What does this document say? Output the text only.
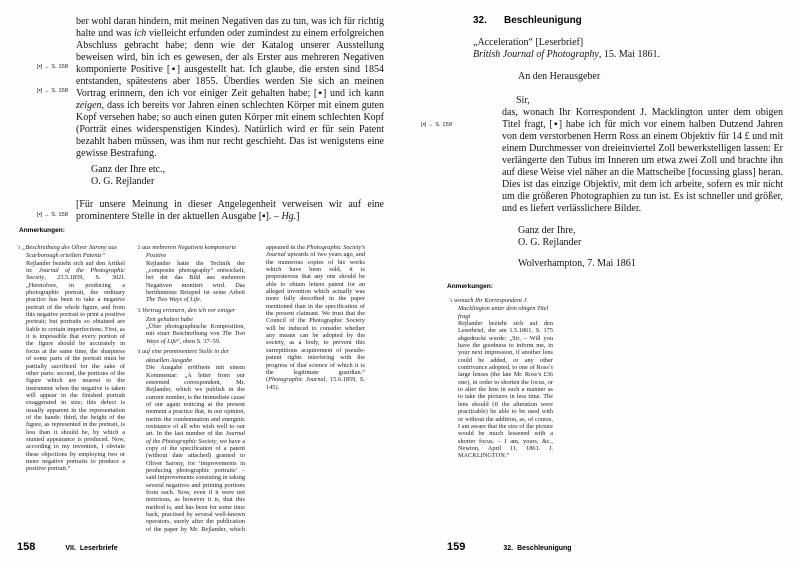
[▪] → S. 158
[▪] → S. 158
[▪] → S. 158
ber wohl daran hindern, mit meinen Negativen das zu tun, was ich für richtig halte und was ich vielleicht erfunden oder zumindest zu einem erfolgreichen Abschluss gebracht habe; denn wie der Katalog unserer Ausstellung beweisen wird, bin ich es gewesen, der als Erster aus mehreren Negativen komponierte Positive [▪] ausgestellt hat. Ich glaube, die ersten sind 1854 entstanden, spätestens aber 1855. Überdies werden Sie sich an meinen Vortrag erinnern, den ich vor einiger Zeit gehalten habe; [▪] und ich kann zeigen, dass ich bereits vor Jahren einen schlechten Körper mit einem guten Kopf versehen habe; so auch einen guten Körper mit einem schlechten Kopf (Porträt eines widerspenstigen Kindes). Natürlich wird er für sein Patent bezahlt haben müssen, was ihm nur recht geschieht. Das ist wenigstens eine gewisse Bestrafung.
Ganz der Ihre etc.,
O. G. Rejlander
[Für unsere Meinung in dieser Angelegenheit verweisen wir auf eine prominentere Stelle in der aktuellen Ausgabe [▪]. – Hg.]
Anmerkungen:
'1 „Beschreibung des Oliver Sarony aus Scarborough erteilten Patents“
Rejlander bezieht sich auf den Artikel in: Journal of the Photographic Society, 23.5.1859, S. 302f. „Heretofore, in producing a photographic portrait, the ordinary practice has been to take a negative portrait of the whole figure, and from this negative portrait to print a positive portrait; but portraits so obtained are liable to certain imperfections. First, as it is impossible that every portion of the figure should be accurately in focus at the same time, the sharpness of some parts of the portrait must be partially sacrificed for the sake of other parts: second, the portions of the figure which are nearest to the instrument when the negative is taken will appear in the finished portrait exaggerated in size; this defect is usually apparent in the representation of the hands: third, the height of the figure, as represented in the portrait, is less than it should be, by which a stunted appearance is produced. Now, according to my invention, I obviate these objections by employing two or more negative portraits to produce a positive portrait.“
'2 aus mehreren Negativen komponierte Positive
Rejlander hatte die Technik der „composite photography“ entwickelt, bei der das Bild aus mehreren Negativen montiert wird. Das berühmteste Beispiel ist seine Arbeit The Two Ways of Life.
'3 Vortrag erinnern, den ich vor einiger Zeit gehalten habe
„Über photographische Komposition, mit einer Beschreibung von The Two Ways of Life“, oben S. 37–59.
'4 auf eine prominentere Stelle in der aktuellen Ausgabe
Die Ausgabe eröffnete mit einem Kommentar: „A letter from our esteemed correspondent, Mr. Rejlander, which we publish in the current number, is the immediate cause of our again noticing at the present moment a practice that, in our opinion, merits the condemnation and energetic resistance of all who wish well to our art. In the last number of the Journal of the Photographic Society, we have a copy of the specification of a patent (without date attached) granted to Oliver Sarony, for ‘improvements in producing photographic portraits’ – said improvements consisting in taking several negatives and printing portions from each. Now, even if it were not notorious, as however it is, that this method is, and has been for some time back, practised by several well-known operators, surely after the publication of the paper by Mr. Rejlander, which appeared in the Photographic Society’s Journal upwards of two years ago, and the numerous copies of his works which have been sold, it is preposterous that any one should be able to obtain letters patent for an alleged invention which actually was more fully described in the paper mentioned than in the specification of the present claimant. We trust that the Council of the Photographic Society will be induced to consider whether any means can be adopted by the society, as a body, to prevent this surreptitious acquirement of pseudo-patent rights interfering with the progress of that science of which it is the legitimate guardian.“ (Photographic Journal, 15.6.1859, S. 145).
158	VII. Leserbriefe
[▪] → S. 159
32. Beschleunigung
„Acceleration“ [Leserbrief]
British Journal of Photography, 15. Mai 1861.
An den Herausgeber
Sir,
das, wonach Ihr Korrespondent J. Macklington unter dem obigen Titel fragt, [▪] habe ich für mich vor einem halben Dutzend Jahren von dem verstorbenen Herrn Ross an einem Objektiv für 14 £ und mit einem Durchmesser von dreieinviertel Zoll bewerkstelligen lassen: Er verlängerte den Tubus im Inneren um etwa zwei Zoll und brachte ihn auf diese Weise viel näher an die Mattscheibe [focussing glass] heran. Dies ist das einzige Objektiv, mit dem ich arbeite, sofern es mir nicht um die größeren Photographien zu tun ist. Es ist schneller und größer, und es liefert verlässlichere Bilder.
Ganz der Ihre,
O. G. Rejlander
Wolverhampton, 7. Mai 1861
Anmerkungen:
'1 wonach Ihr Korrespondent J. Macklington unter dem obigen Titel fragt
Rejlander bezieht sich auf den Leserbrief, der am 1.5.1861, S. 175 abgedruckt wurde: „Sir, – Will you have the goodness to inform me, in your next impression, if another lens could be added, or any other contrivance adopted, to one of Ross’s large lenses (the late Mr. Ross’s £36 one), in order to shorten the focus, or to alter the lens in such a manner as to take the pictures in less time. The lens should (if the alteration were practicable) be able to be used with or without the addition, as, of course, I am aware that the size of the picture would be much lessened with a shorter focus. – I am, yours, &c., Newton, April 11, 1861. J. MACKLINGTON.“
159	32. Beschleunigung
